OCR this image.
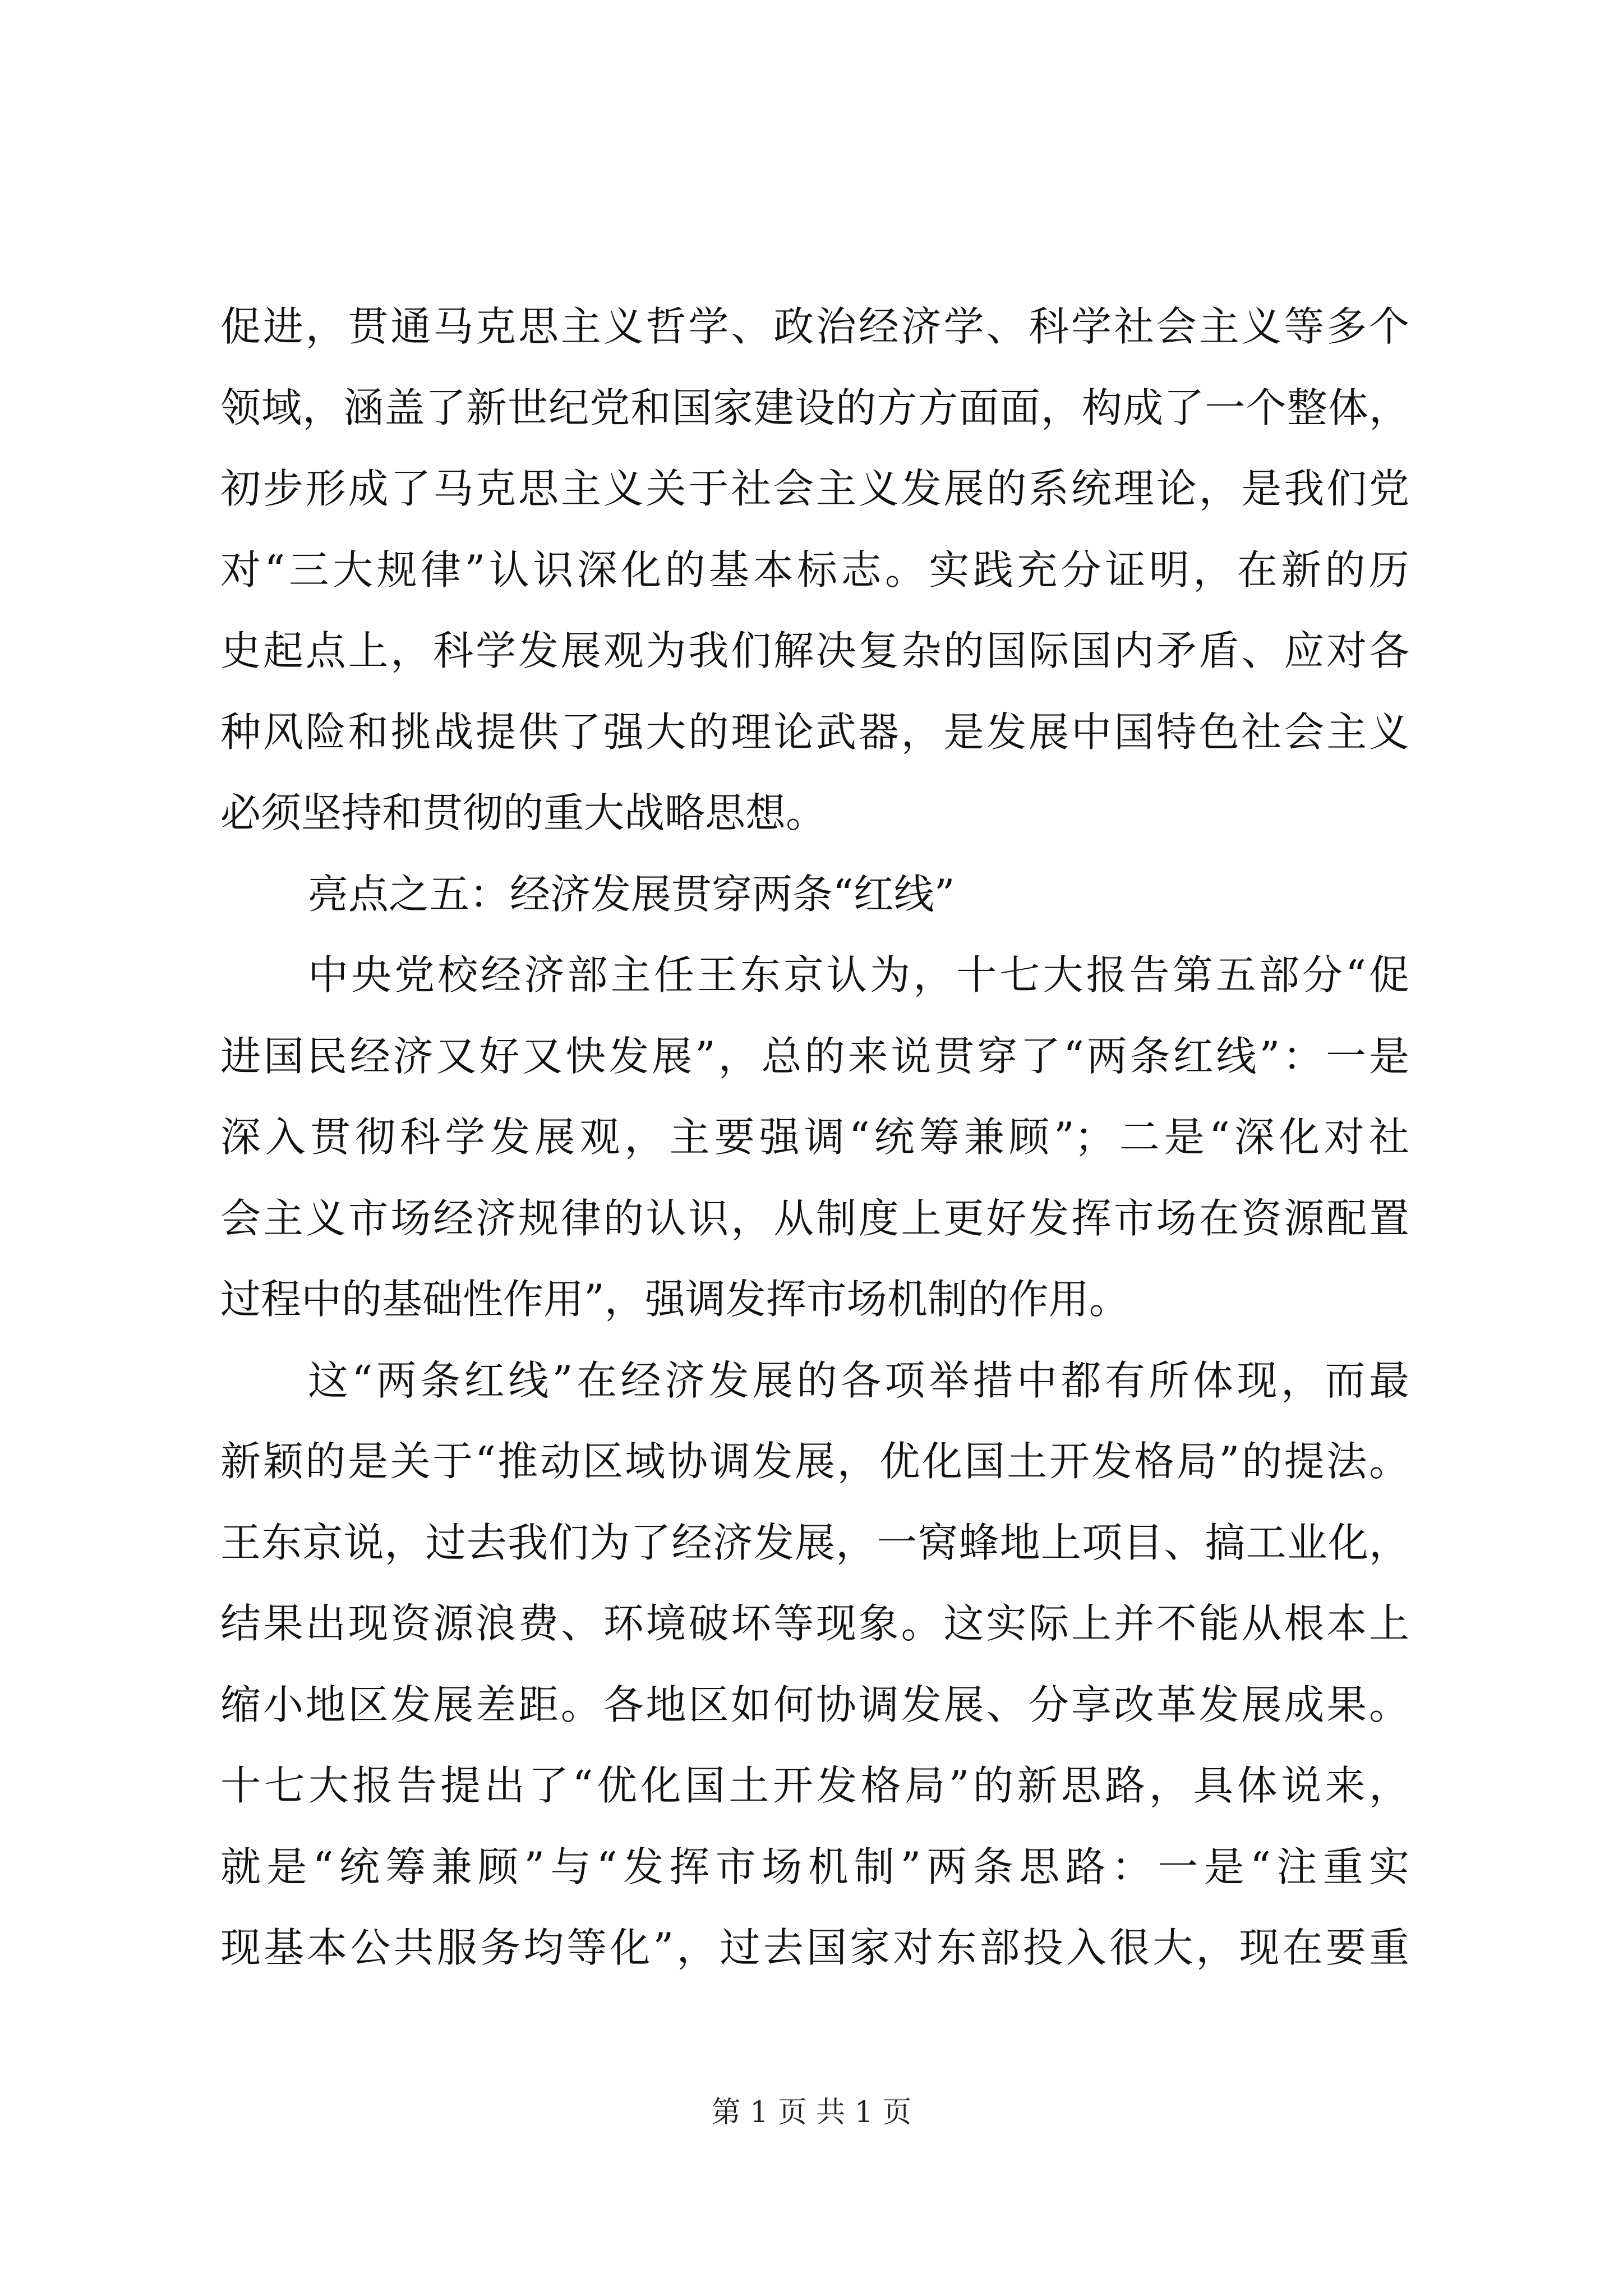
促进，贯通马克思主义哲学、政治经济学、科学社会主义等多个
领域，涵盖了新世纪党和国家建设的方方面面，构成了一个整体，
初步形成了马克思主义关于社会主义发展的系统理论，是我们党
对“三大规律”认识深化的基本标志。实践充分证明，在新的历
史起点上，科学发展观为我们解决复杂的国际国内矛盾、应对各
种风险和挑战提供了强大的理论武器，是发展中国特色社会主义
必须坚持和贯彻的重大战略思想。
亮点之五：经济发展贯穿两条“红线”
中央党校经济部主任王东京认为，十七大报告第五部分“促
进国民经济又好又快发展”，总的来说贯穿了“两条红线”：一是
深入贯彻科学发展观，主要强调“统筹兼顾”；二是“深化对社
会主义市场经济规律的认识，从制度上更好发挥市场在资源配置
过程中的基础性作用”，强调发挥市场机制的作用。
这“两条红线”在经济发展的各项举措中都有所体现，而最
新颖的是关于“推动区域协调发展，优化国土开发格局”的提法。
王东京说，过去我们为了经济发展，一窝蜂地上项目、搞工业化，
结果出现资源浪费、环境破坏等现象。这实际上并不能从根本上
缩小地区发展差距。各地区如何协调发展、分享改革发展成果。
十七大报告提出了“优化国土开发格局”的新思路，具体说来，
就是“统筹兼顾”与“发挥市场机制”两条思路：一是“注重实
现基本公共服务均等化”，过去国家对东部投入很大，现在要重
第 1 页 共 1 页
